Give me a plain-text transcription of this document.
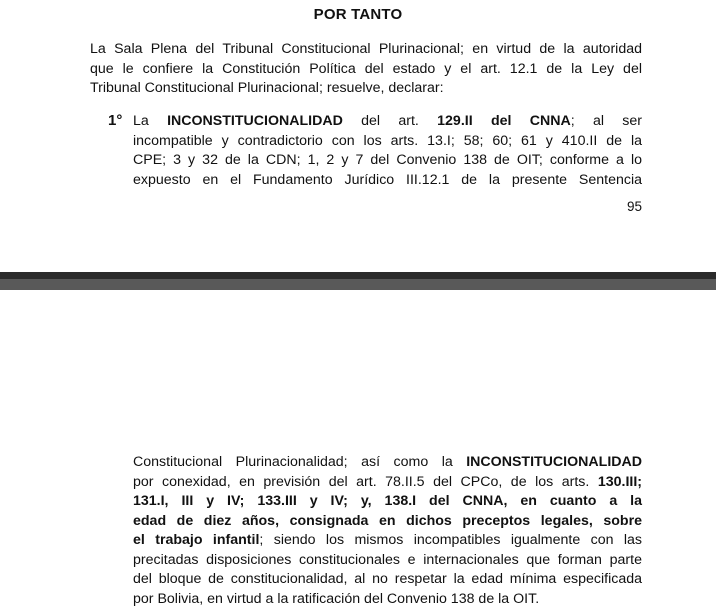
POR TANTO
La Sala Plena del Tribunal Constitucional Plurinacional; en virtud de la autoridad
que le confiere la Constitución Política del estado y el art. 12.1 de la Ley del
Tribunal Constitucional Plurinacional; resuelve, declarar:
1° La INCONSTITUCIONALIDAD del art. 129.II del CNNA; al ser
incompatible y contradictorio con los arts. 13.I; 58; 60; 61 y 410.II de la
CPE; 3 y 32 de la CDN; 1, 2 y 7 del Convenio 138 de OIT; conforme a lo
expuesto en el Fundamento Jurídico III.12.1 de la presente Sentencia
95
Constitucional Plurinacionalidad; así como la INCONSTITUCIONALIDAD
por conexidad, en previsión del art. 78.II.5 del CPCo, de los arts. 130.III;
131.I, III y IV; 133.III y IV; y, 138.I del CNNA, en cuanto a la
edad de diez años, consignada en dichos preceptos legales, sobre
el trabajo infantil; siendo los mismos incompatibles igualmente con las
precitadas disposiciones constitucionales e internacionales que forman parte
del bloque de constitucionalidad, al no respetar la edad mínima especificada
por Bolivia, en virtud a la ratificación del Convenio 138 de la OIT.
